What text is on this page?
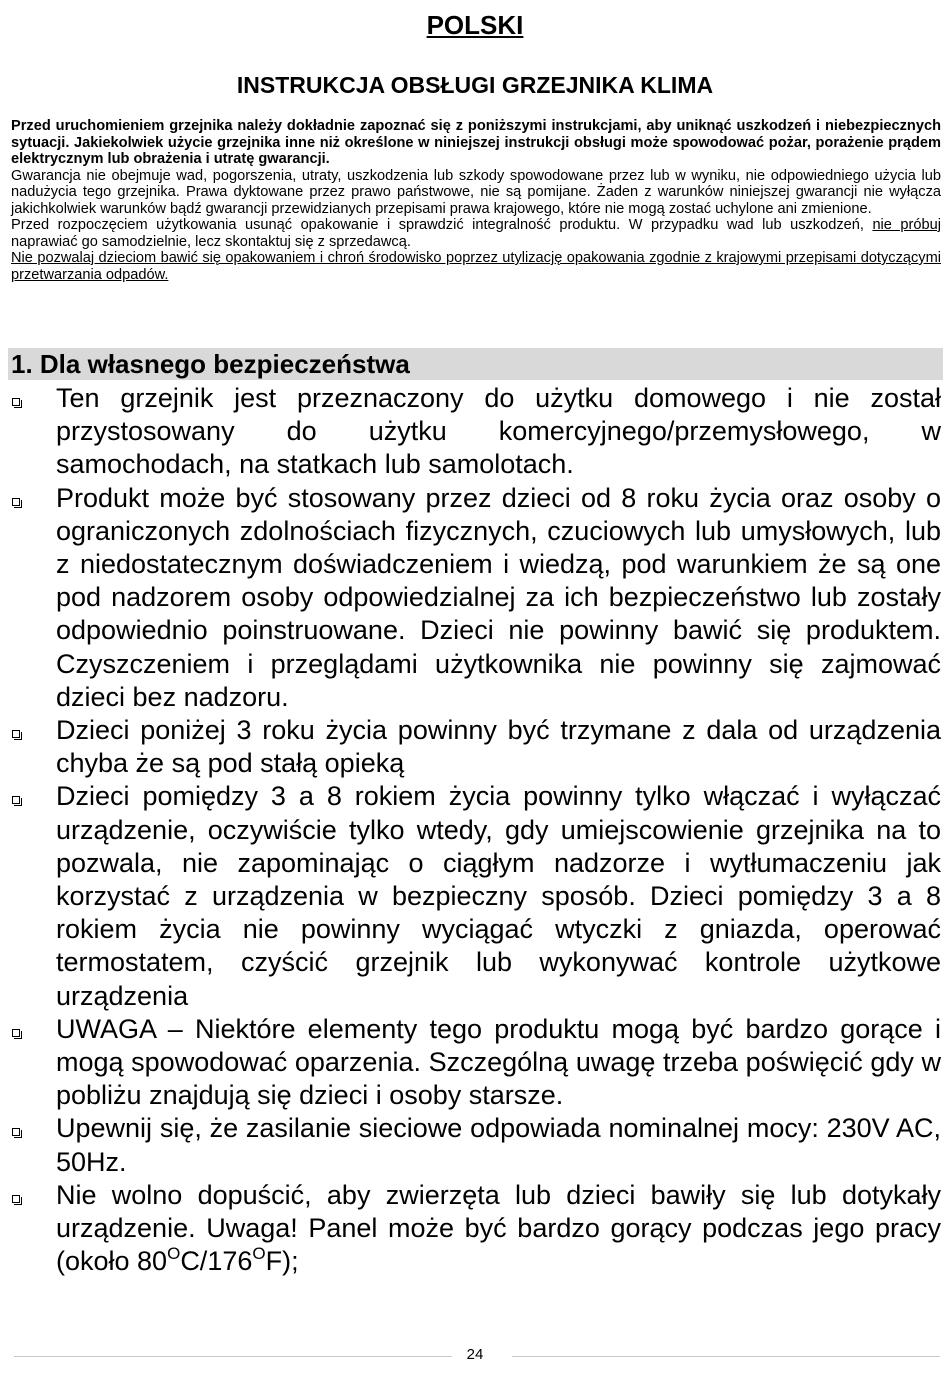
POLSKI
INSTRUKCJA OBSŁUGI GRZEJNIKA KLIMA

Przed uruchomieniem grzejnika należy dokładnie zapoznać się z poniższymi instrukcjami, aby uniknąć uszkodzeń i niebezpiecznych sytuacji. Jakiekolwiek użycie grzejnika inne niż określone w niniejszej instrukcji obsługi może spowodować pożar, porażenie prądem elektrycznym lub obrażenia i utratę gwarancji.

Gwarancja nie obejmuje wad, pogorszenia, utraty, uszkodzenia lub szkody spowodowane przez lub w wyniku, nie odpowiedniego użycia lub nadużycia tego grzejnika. Prawa dyktowane przez prawo państwowe, nie są pomijane. Żaden z warunków niniejszej gwarancji nie wyłącza jakichkolwiek warunków bądź gwarancji przewidzianych przepisami prawa krajowego, które nie mogą zostać uchylone ani zmienione.

Przed rozpoczęciem użytkowania usunąć opakowanie i sprawdzić integralność produktu. W przypadku wad lub uszkodzeń, nie próbuj naprawiać go samodzielnie, lecz skontaktuj się z sprzedawcą.

Nie pozwalaj dzieciom bawić się opakowaniem i chroń środowisko poprzez utylizację opakowania zgodnie z krajowymi przepisami dotyczącymi przetwarzania odpadów.

1. Dla własnego bezpieczeństwa
Ten grzejnik jest przeznaczony do użytku domowego i nie został przystosowany do użytku komercyjnego/przemysłowego, w samochodach, na statkach lub samolotach.
Produkt może być stosowany przez dzieci od 8 roku życia oraz osoby o ograniczonych zdolnościach fizycznych, czuciowych lub umysłowych, lub z niedostatecznym doświadczeniem i wiedzą, pod warunkiem że są one pod nadzorem osoby odpowiedzialnej za ich bezpieczeństwo lub zostały odpowiednio poinstruowane. Dzieci nie powinny bawić się produktem. Czyszczeniem i przeglądami użytkownika nie powinny się zajmować dzieci bez nadzoru.
Dzieci poniżej 3 roku życia powinny być trzymane z dala od urządzenia chyba że są pod stałą opieką
Dzieci pomiędzy 3 a 8 rokiem życia powinny tylko włączać i wyłączać urządzenie, oczywiście tylko wtedy, gdy umiejscowienie grzejnika na to pozwala, nie zapominając o ciągłym nadzorze i wytłumaczeniu jak korzystać z urządzenia w bezpieczny sposób. Dzieci pomiędzy 3 a 8 rokiem życia nie powinny wyciągać wtyczki z gniazda, operować termostatem, czyścić grzejnik lub wykonywać kontrole użytkowe urządzenia
UWAGA – Niektóre elementy tego produktu mogą być bardzo gorące i mogą spowodować oparzenia. Szczególną uwagę trzeba poświęcić gdy w pobliżu znajdują się dzieci i osoby starsze.
Upewnij się, że zasilanie sieciowe odpowiada nominalnej mocy: 230V AC, 50Hz.
Nie wolno dopuścić, aby zwierzęta lub dzieci bawiły się lub dotykały urządzenie. Uwaga! Panel może być bardzo gorący podczas jego pracy (około $80^OC/176^OF$);
24
